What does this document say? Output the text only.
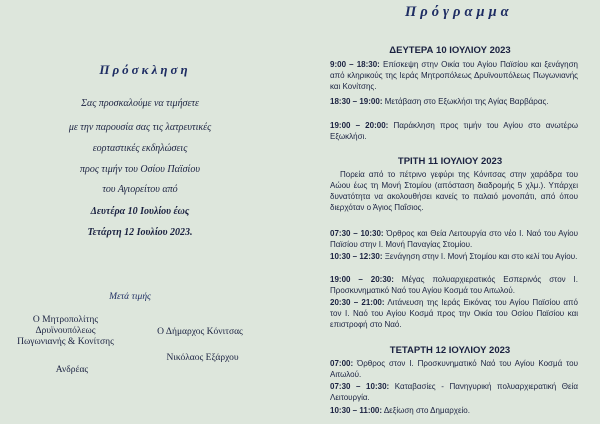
Πρόσκληση
Σας προσκαλούμε να τιμήσετε
με την παρουσία σας τις λατρευτικές
εορταστικές εκδηλώσεις
προς τιμήν του Οσίου Παϊσίου
του Αγιορείτου από
Δευτέρα 10 Ιουλίου έως
Τετάρτη 12 Ιουλίου 2023.
Μετά τιμής
Ο Μητροπολίτης
Δρυϊνουπόλεως
Πωγωνιανής & Κονίτσης
Ανδρέας
Ο Δήμαρχος Κόνιτσας
Νικόλαος Εξάρχου
Πρόγραμμα
ΔΕΥΤΕΡΑ 10 ΙΟΥΛΙΟΥ 2023
9:00 – 18:30: Επίσκεψη στην Οικία του Αγίου Παϊσίου και ξενάγηση από κληρικούς της Ιεράς Μητροπόλεως Δρυϊνουπόλεως Πωγωνιανής και Κονίτσης.
18:30 – 19:00: Μετάβαση στο Εξωκλήσι της Αγίας Βαρβάρας.
19:00 – 20:00: Παράκληση προς τιμήν του Αγίου στο ανωτέρω Εξωκλήσι.
ΤΡΙΤΗ 11 ΙΟΥΛΙΟΥ 2023
Πορεία από το πέτρινο γεφύρι της Κόνιτσας στην χαράδρα του Αώου έως τη Μονή Στομίου (απόσταση διαδρομής 5 χλμ.). Υπάρχει δυνατότητα να ακολουθήσει κανείς το παλαιό μονοπάτι, από όπου διερχόταν ο Άγιος Παΐσιος.
07:30 – 10:30: Όρθρος και Θεία Λειτουργία στο νέο Ι. Ναό του Αγίου Παϊσίου στην Ι. Μονή Παναγίας Στομίου.
10:30 – 12:30: Ξενάγηση στην Ι. Μονή Στομίου και στο κελί του Αγίου.
19:00 – 20:30: Μέγας πολυαρχιερατικός Εσπερινός στον Ι. Προσκυνηματικό Ναό του Αγίου Κοσμά του Αιτωλού.
20:30 – 21:00: Λιτάνευση της Ιεράς Εικόνας του Αγίου Παϊσίου από τον Ι. Ναό του Αγίου Κοσμά προς την Οικία του Οσίου Παϊσίου και επιστροφή στο Ναό.
ΤΕΤΑΡΤΗ 12 ΙΟΥΛΙΟΥ 2023
07:00: Όρθρος στον Ι. Προσκυνηματικό Ναό του Αγίου Κοσμά του Αιτωλού.
07:30 – 10:30: Καταβασίες - Πανηγυρική πολυαρχιερατική Θεία Λειτουργία.
10:30 – 11:00: Δεξίωση στο Δημαρχείο.
